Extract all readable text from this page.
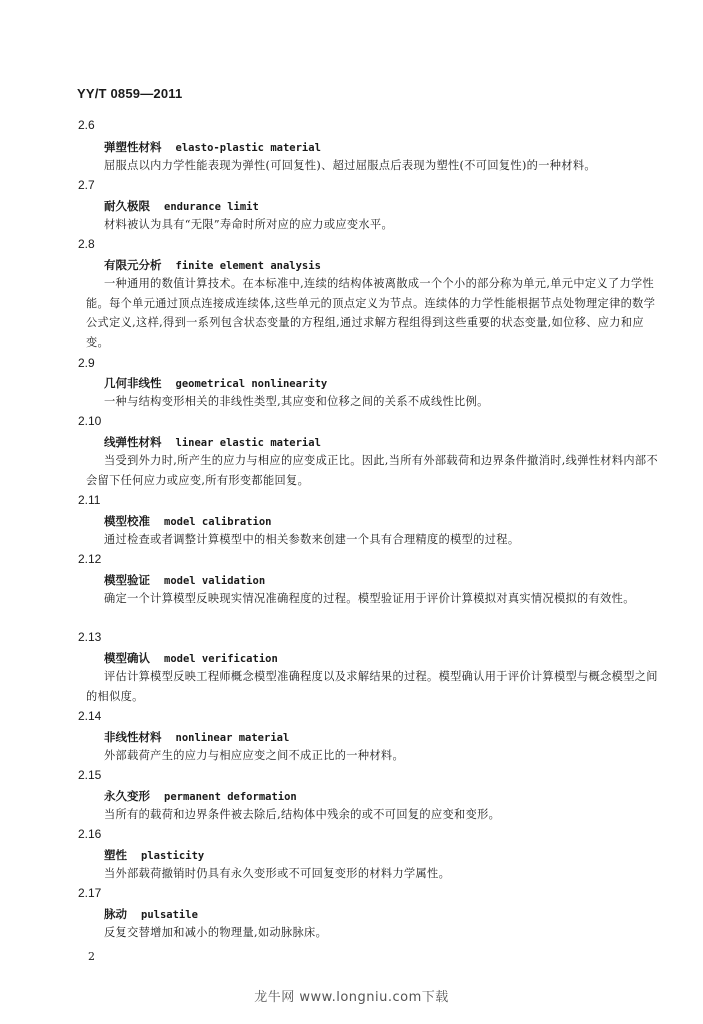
YY/T 0859—2011
2.6
弹塑性材料 elasto-plastic material
屈服点以内力学性能表现为弹性(可回复性)、超过屈服点后表现为塑性(不可回复性)的一种材料。
2.7
耐久极限 endurance limit
材料被认为具有“无限”寿命时所对应的应力或应变水平。
2.8
有限元分析 finite element analysis
一种通用的数值计算技术。在本标准中,连续的结构体被离散成一个个小的部分称为单元,单元中定义了力学性能。每个单元通过顶点连接成连续体,这些单元的顶点定义为节点。连续体的力学性能根据节点处物理定律的数学公式定义,这样,得到一系列包含状态变量的方程组,通过求解方程组得到这些重要的状态变量,如位移、应力和应变。
2.9
几何非线性 geometrical nonlinearity
一种与结构变形相关的非线性类型,其应变和位移之间的关系不成线性比例。
2.10
线弹性材料 linear elastic material
当受到外力时,所产生的应力与相应的应变成正比。因此,当所有外部载荷和边界条件撤消时,线弹性材料内部不会留下任何应力或应变,所有形变都能回复。
2.11
模型校准 model calibration
通过检查或者调整计算模型中的相关参数来创建一个具有合理精度的模型的过程。
2.12
模型验证 model validation
确定一个计算模型反映现实情况准确程度的过程。模型验证用于评价计算模拟对真实情况模拟的有效性。
2.13
模型确认 model verification
评估计算模型反映工程师概念模型准确程度以及求解结果的过程。模型确认用于评价计算模型与概念模型之间的相似度。
2.14
非线性材料 nonlinear material
外部载荷产生的应力与相应应变之间不成正比的一种材料。
2.15
永久变形 permanent deformation
当所有的载荷和边界条件被去除后,结构体中残余的或不可回复的应变和变形。
2.16
塑性 plasticity
当外部载荷撤销时仍具有永久变形或不可回复变形的材料力学属性。
2.17
脉动 pulsatile
反复交替增加和减小的物理量,如动脉脉床。
2
龙牛网 www.longniu.com下载
